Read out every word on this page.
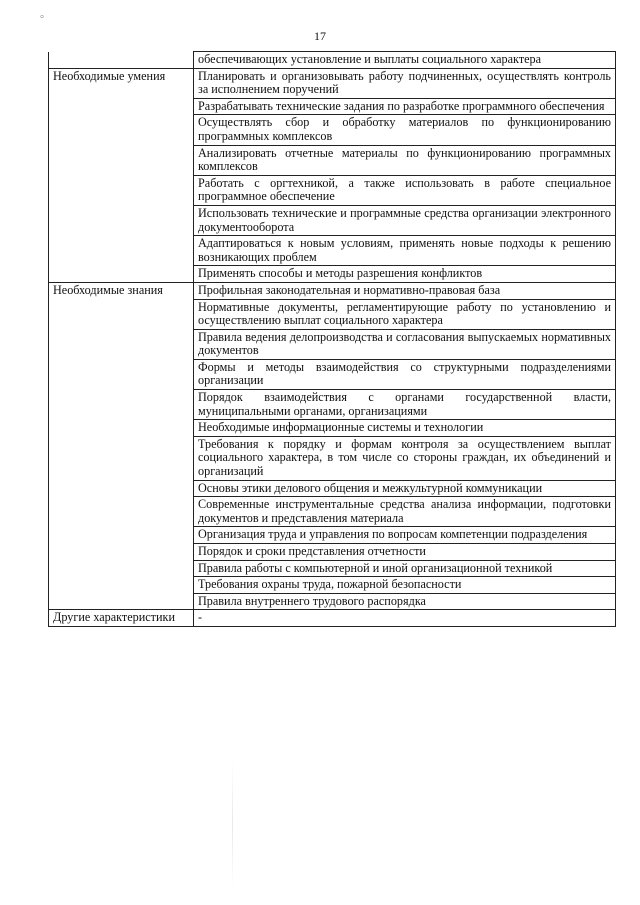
°
17
	обеспечивающих установление и выплаты социального характера
Необходимые умения	Планировать и организовывать работу подчиненных, осуществлять контроль за исполнением поручений
	Разрабатывать технические задания по разработке программного обеспечения
	Осуществлять сбор и обработку материалов по функционированию программных комплексов
	Анализировать отчетные материалы по функционированию программных комплексов
	Работать с оргтехникой, а также использовать в работе специальное программное обеспечение
	Использовать технические и программные средства организации электронного документооборота
	Адаптироваться к новым условиям, применять новые подходы к решению возникающих проблем
	Применять способы и методы разрешения конфликтов
Необходимые знания	Профильная законодательная и нормативно-правовая база
	Нормативные документы, регламентирующие работу по установлению и осуществлению выплат социального характера
	Правила ведения делопроизводства и согласования выпускаемых нормативных документов
	Формы и методы взаимодействия со структурными подразделениями организации
	Порядок взаимодействия с органами государственной власти, муниципальными органами, организациями
	Необходимые информационные системы и технологии
	Требования к порядку и формам контроля за осуществлением выплат социального характера, в том числе со стороны граждан, их объединений и организаций
	Основы этики делового общения и межкультурной коммуникации
	Современные инструментальные средства анализа информации, подготовки документов и представления материала
	Организация труда и управления по вопросам компетенции подразделения
	Порядок и сроки представления отчетности
	Правила работы с компьютерной и иной организационной техникой
	Требования охраны труда, пожарной безопасности
	Правила внутреннего трудового распорядка
Другие характеристики	-
